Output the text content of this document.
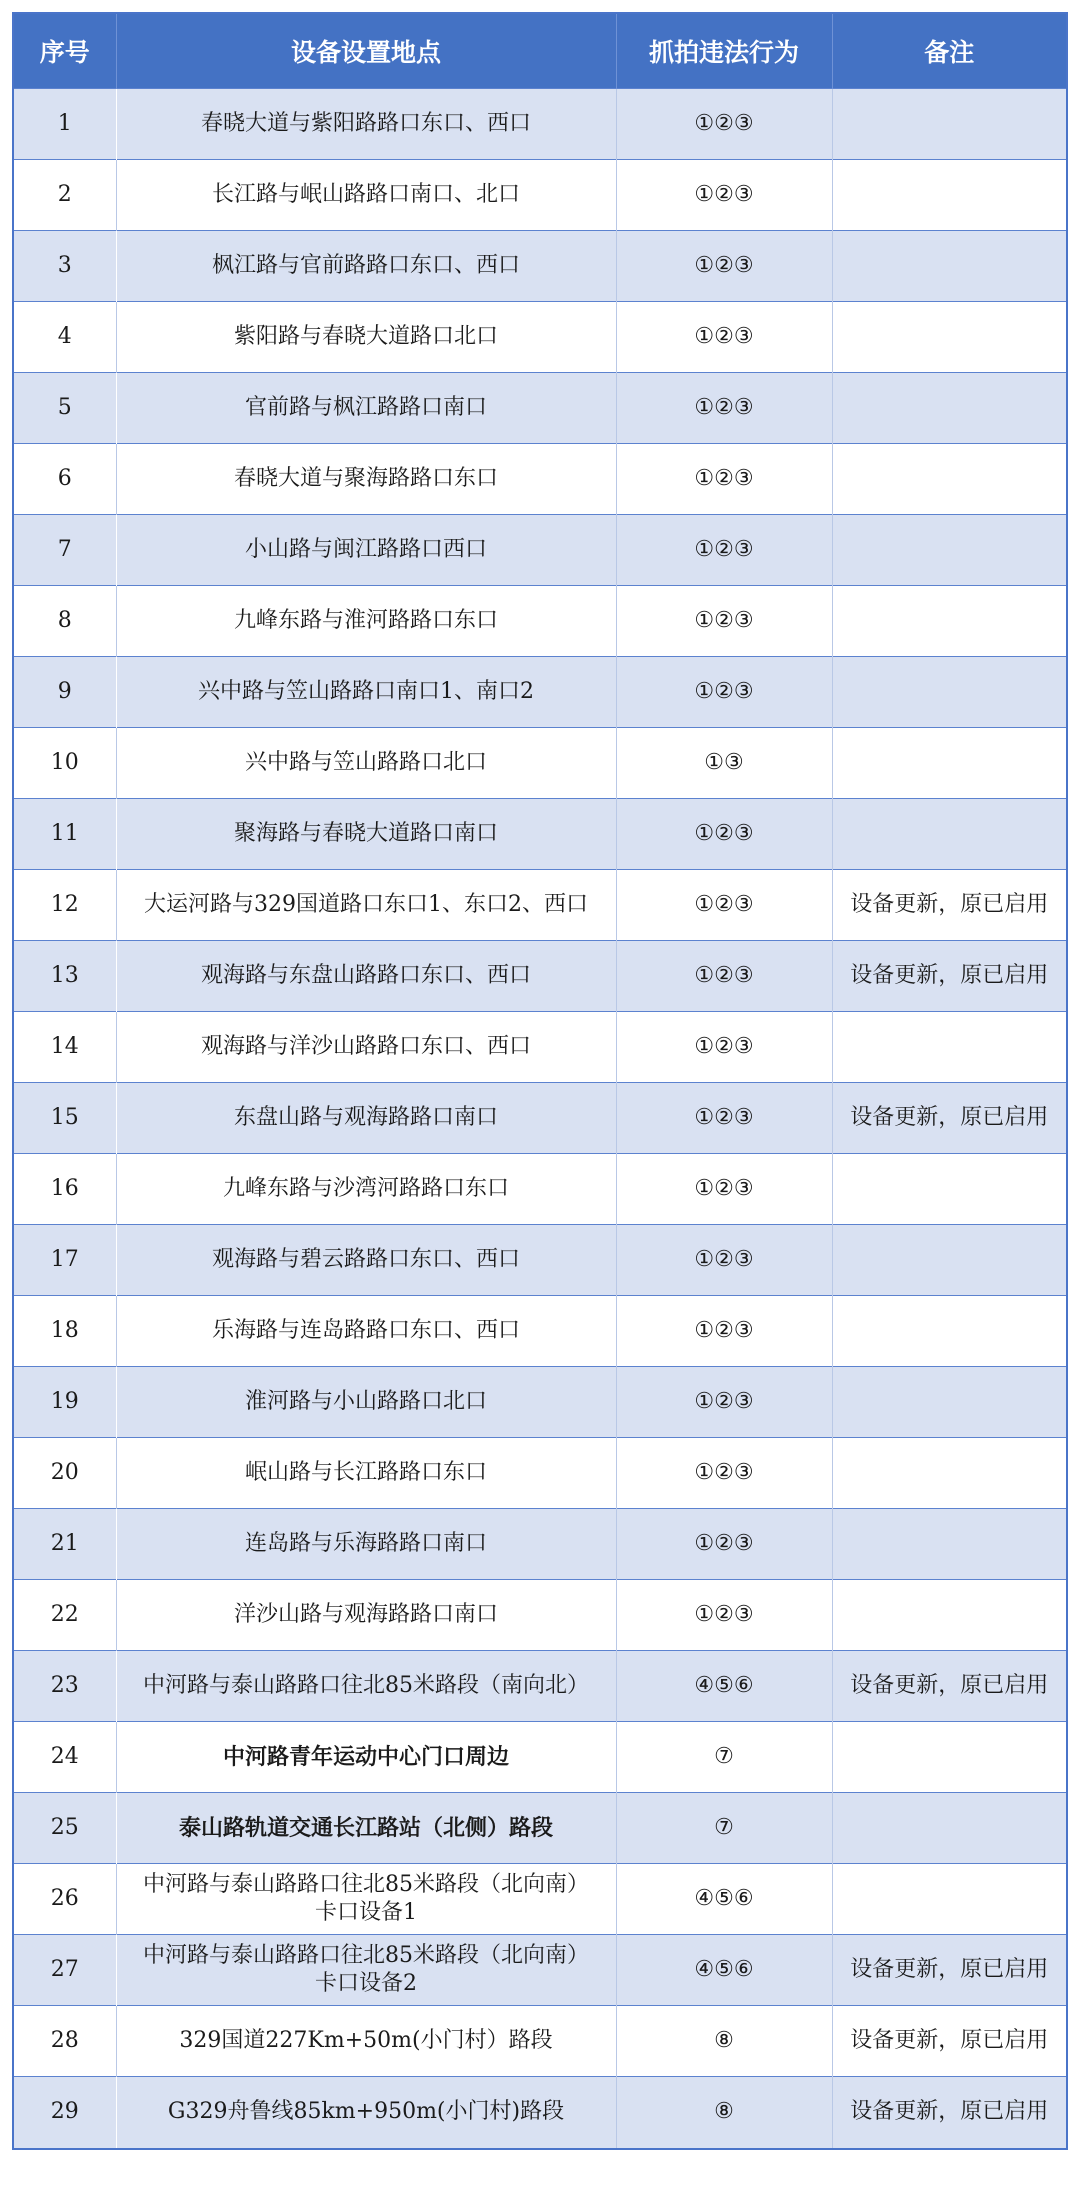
序号	设备设置地点	抓拍违法行为	备注
1	春晓大道与紫阳路路口东口、西口	①②③	
2	长江路与岷山路路口南口、北口	①②③	
3	枫江路与官前路路口东口、西口	①②③	
4	紫阳路与春晓大道路口北口	①②③	
5	官前路与枫江路路口南口	①②③	
6	春晓大道与聚海路路口东口	①②③	
7	小山路与闽江路路口西口	①②③	
8	九峰东路与淮河路路口东口	①②③	
9	兴中路与笠山路路口南口1、南口2	①②③	
10	兴中路与笠山路路口北口	①③	
11	聚海路与春晓大道路口南口	①②③	
12	大运河路与329国道路口东口1、东口2、西口	①②③	设备更新，原已启用
13	观海路与东盘山路路口东口、西口	①②③	设备更新，原已启用
14	观海路与洋沙山路路口东口、西口	①②③	
15	东盘山路与观海路路口南口	①②③	设备更新，原已启用
16	九峰东路与沙湾河路路口东口	①②③	
17	观海路与碧云路路口东口、西口	①②③	
18	乐海路与连岛路路口东口、西口	①②③	
19	淮河路与小山路路口北口	①②③	
20	岷山路与长江路路口东口	①②③	
21	连岛路与乐海路路口南口	①②③	
22	洋沙山路与观海路路口南口	①②③	
23	中河路与泰山路路口往北85米路段（南向北）	④⑤⑥	设备更新，原已启用
24	中河路青年运动中心门口周边	⑦	
25	泰山路轨道交通长江路站（北侧）路段	⑦	
26	中河路与泰山路路口往北85米路段（北向南）
卡口设备1	④⑤⑥	
27	中河路与泰山路路口往北85米路段（北向南）
卡口设备2	④⑤⑥	设备更新，原已启用
28	329国道227Km+50m(小门村）路段	⑧	设备更新，原已启用
29	G329舟鲁线85km+950m(小门村)路段	⑧	设备更新，原已启用
